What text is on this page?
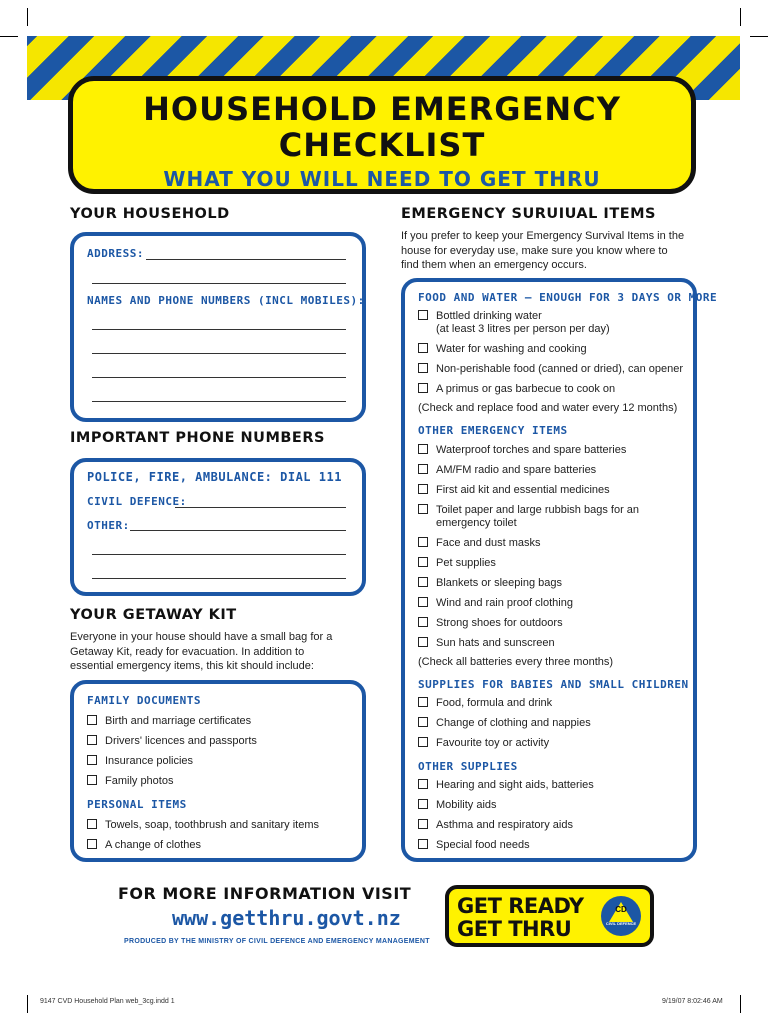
HOUSEHOLD EMERGENCY
CHECKLIST
WHAT YOU WILL NEED TO GET THRU
YOUR HOUSEHOLD
ADDRESS:
NAMES AND PHONE NUMBERS (INCL MOBILES):
IMPORTANT PHONE NUMBERS
POLICE, FIRE, AMBULANCE: DIAL 111
CIVIL DEFENCE:
OTHER:
YOUR GETAWAY KIT
Everyone in your house should have a small bag for a Getaway Kit, ready for evacuation. In addition to essential emergency items, this kit should include:
FAMILY DOCUMENTS
Birth and marriage certificates
Drivers' licences and passports
Insurance policies
Family photos
PERSONAL ITEMS
Towels, soap, toothbrush and sanitary items
A change of clothes
EMERGENCY SURUIUAL ITEMS
If you prefer to keep your Emergency Survival Items in the house for everyday use, make sure you know where to find them when an emergency occurs.
FOOD AND WATER — ENOUGH FOR 3 DAYS OR MORE
Bottled drinking water
(at least 3 litres per person per day)
Water for washing and cooking
Non-perishable food (canned or dried), can opener
A primus or gas barbecue to cook on
(Check and replace food and water every 12 months)
OTHER EMERGENCY ITEMS
Waterproof torches and spare batteries
AM/FM radio and spare batteries
First aid kit and essential medicines
Toilet paper and large rubbish bags for an
emergency toilet
Face and dust masks
Pet supplies
Blankets or sleeping bags
Wind and rain proof clothing
Strong shoes for outdoors
Sun hats and sunscreen
(Check all batteries every three months)
SUPPLIES FOR BABIES AND SMALL CHILDREN
Food, formula and drink
Change of clothing and nappies
Favourite toy or activity
OTHER SUPPLIES
Hearing and sight aids, batteries
Mobility aids
Asthma and respiratory aids
Special food needs
FOR MORE INFORMATION VISIT
www.getthru.govt.nz
PRODUCED BY THE MINISTRY OF CIVIL DEFENCE AND EMERGENCY MANAGEMENT
GET READY
GET THRU
CD
CIVIL DEFENCE
9147 CVD Household Plan web_3cg.indd 1	9/19/07 8:02:46 AM
